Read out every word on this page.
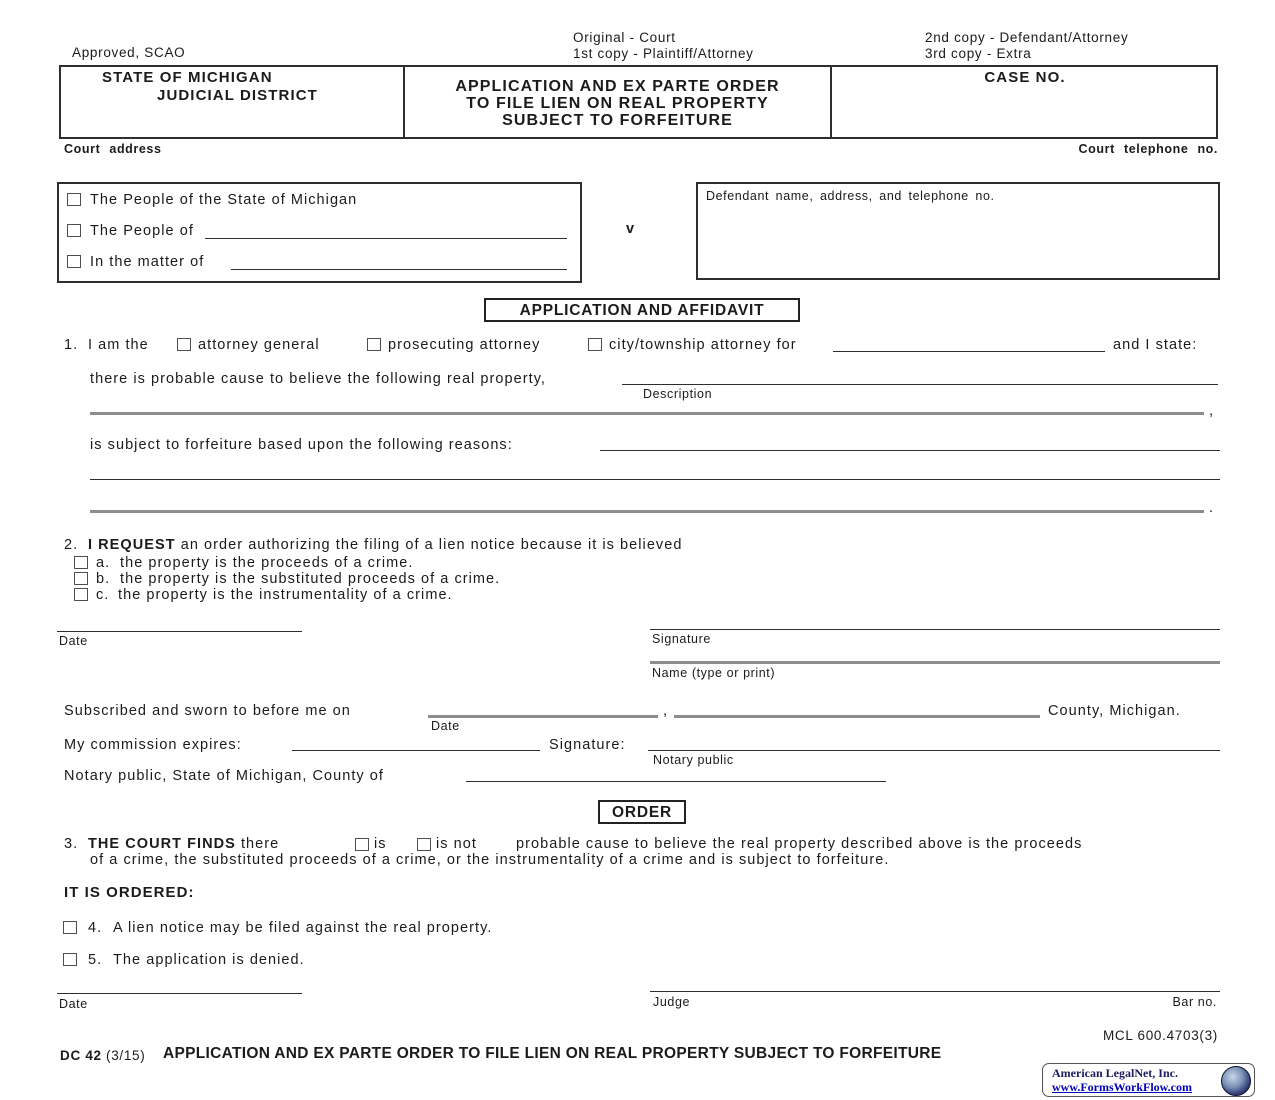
Approved, SCAO
Original - Court
1st copy - Plaintiff/Attorney
2nd copy - Defendant/Attorney
3rd copy - Extra
STATE OF MICHIGAN
JUDICIAL DISTRICT
APPLICATION AND EX PARTE ORDER
TO FILE LIEN ON REAL PROPERTY
SUBJECT TO FORFEITURE
CASE NO.
Court address	Court telephone no.
The People of the State of Michigan
The People of
In the matter of
v
Defendant name, address, and telephone no.
APPLICATION AND AFFIDAVIT
1. I am the	attorney general	prosecuting attorney	city/township attorney for	and I state:
there is probable cause to believe the following real property,
Description
,
is subject to forfeiture based upon the following reasons:
.
2. I REQUEST an order authorizing the filing of a lien notice because it is believed
a. the property is the proceeds of a crime.
b. the property is the substituted proceeds of a crime.
c. the property is the instrumentality of a crime.
Date	Signature
Name (type or print)
Subscribed and sworn to before me on
Date
,	County, Michigan.
My commission expires:	Signature:
Notary public
Notary public, State of Michigan, County of
ORDER
3. THE COURT FINDS there	is	is not	probable cause to believe the real property described above is the proceeds
of a crime, the substituted proceeds of a crime, or the instrumentality of a crime and is subject to forfeiture.
IT IS ORDERED:
4. A lien notice may be filed against the real property.
5. The application is denied.
Date	Judge	Bar no.
MCL 600.4703(3)
DC 42 (3/15) APPLICATION AND EX PARTE ORDER TO FILE LIEN ON REAL PROPERTY SUBJECT TO FORFEITURE
American LegalNet, Inc.
www.FormsWorkFlow.com
